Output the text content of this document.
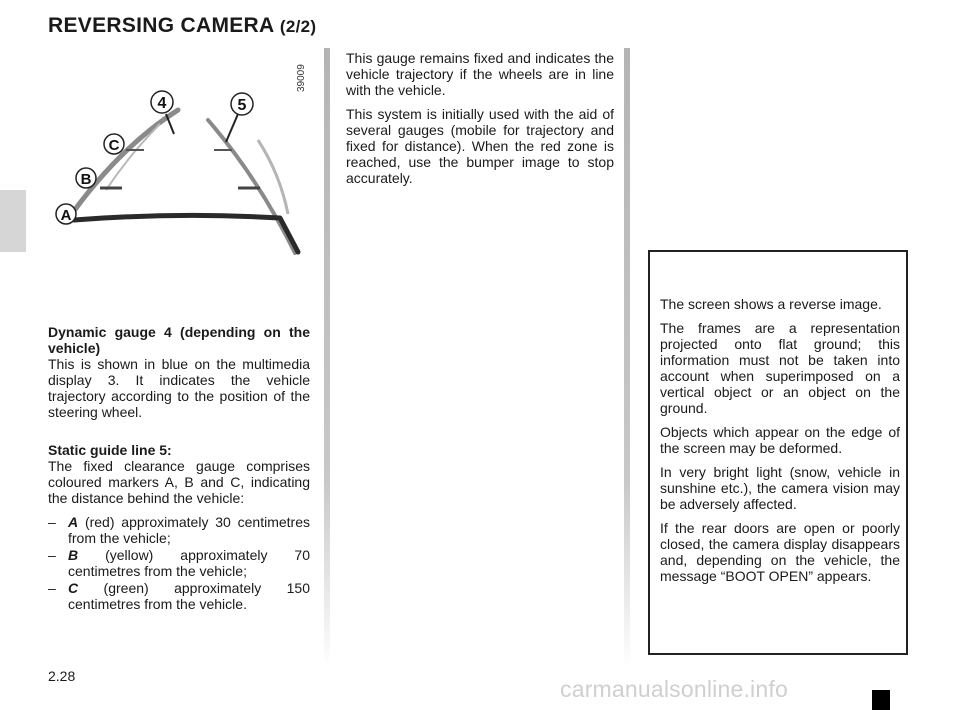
REVERSING CAMERA (2/2)
39009
4	5
C
B
A

Dynamic gauge 4 (depending on the vehicle)
This is shown in blue on the multimedia display 3. It indicates the vehicle trajectory according to the position of the steering wheel.

Static guide line 5:
The fixed clearance gauge comprises coloured markers A, B and C, indicating the distance behind the vehicle:

– A (red) approximately 30 centimetres from the vehicle;
– B (yellow) approximately 70 centimetres from the vehicle;
– C (green) approximately 150 centimetres from the vehicle.

This gauge remains fixed and indicates the vehicle trajectory if the wheels are in line with the vehicle.

This system is initially used with the aid of several gauges (mobile for trajectory and fixed for distance). When the red zone is reached, use the bumper image to stop accurately.

The screen shows a reverse image.

The frames are a representation projected onto flat ground; this information must not be taken into account when superimposed on a vertical object or an object on the ground.

Objects which appear on the edge of the screen may be deformed.

In very bright light (snow, vehicle in sunshine etc.), the camera vision may be adversely affected.

If the rear doors are open or poorly closed, the camera display disappears and, depending on the vehicle, the message “BOOT OPEN” appears.

2.28	carmanualsonline.info
